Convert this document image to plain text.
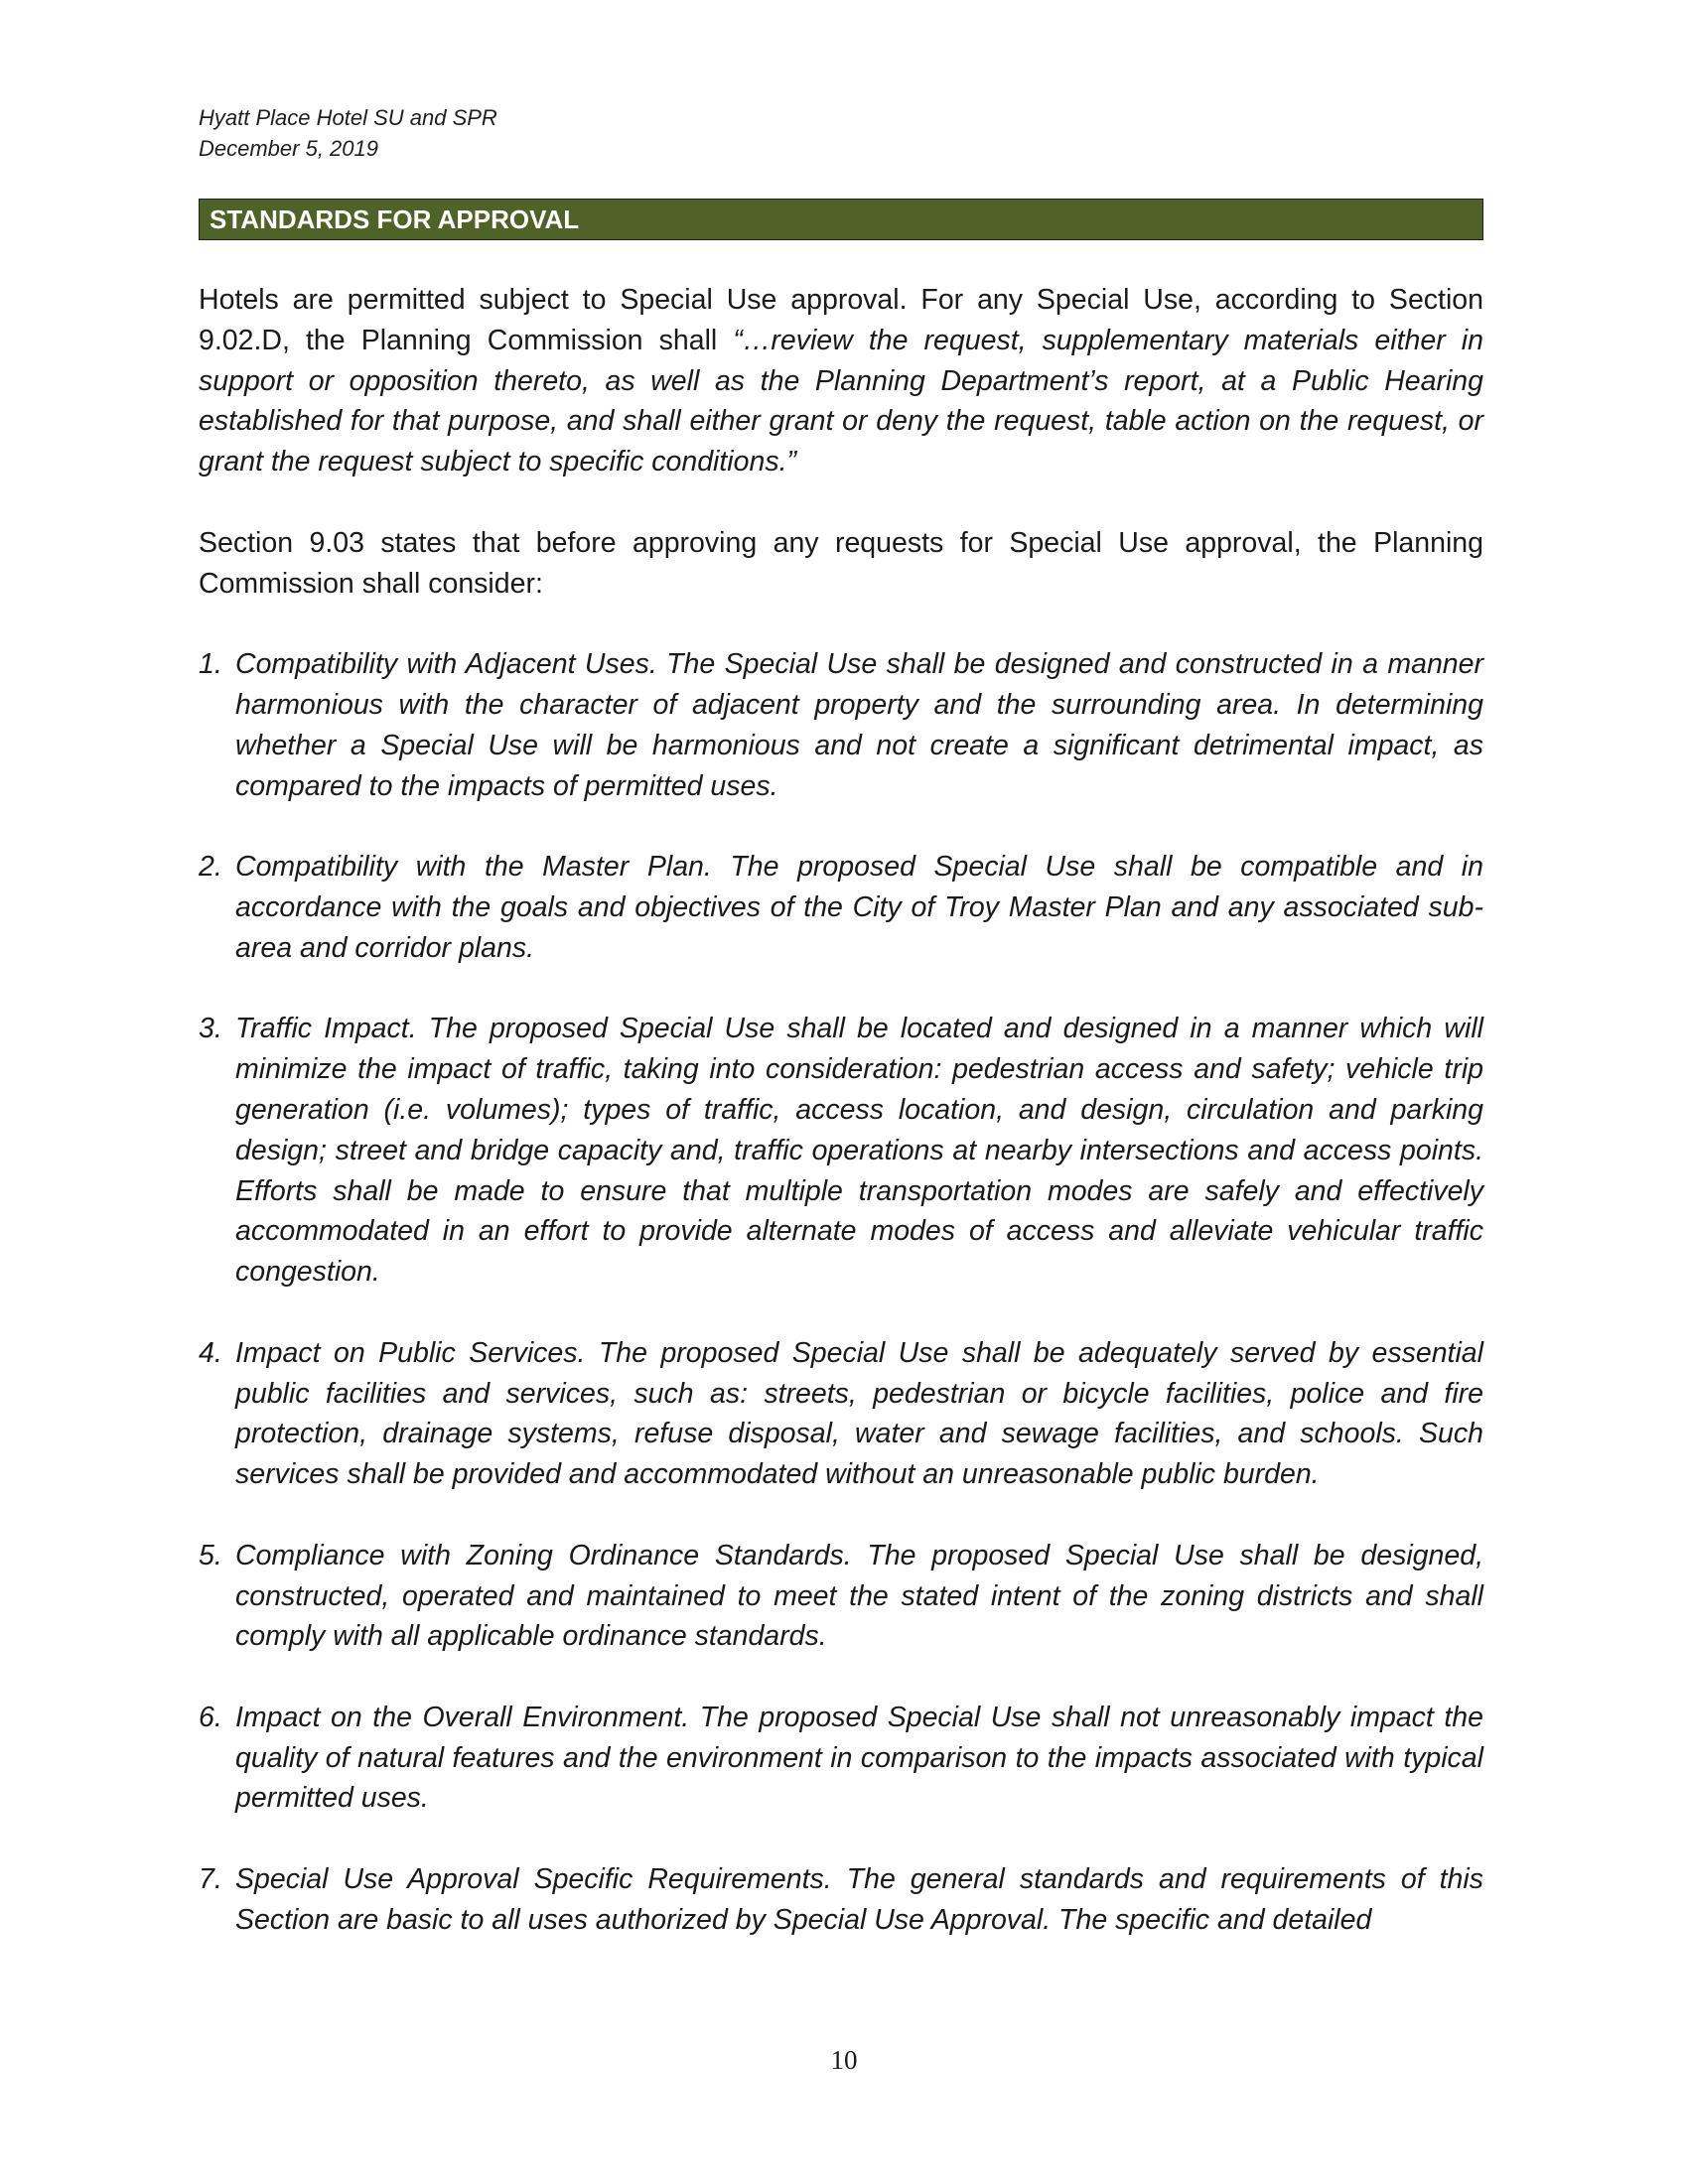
Hyatt Place Hotel SU and SPR
December 5, 2019
STANDARDS FOR APPROVAL

Hotels are permitted subject to Special Use approval. For any Special Use, according to Section 9.02.D, the Planning Commission shall “…review the request, supplementary materials either in support or opposition thereto, as well as the Planning Department’s report, at a Public Hearing established for that purpose, and shall either grant or deny the request, table action on the request, or grant the request subject to specific conditions.”

Section 9.03 states that before approving any requests for Special Use approval, the Planning Commission shall consider:

1. Compatibility with Adjacent Uses. The Special Use shall be designed and constructed in a manner harmonious with the character of adjacent property and the surrounding area. In determining whether a Special Use will be harmonious and not create a significant detrimental impact, as compared to the impacts of permitted uses.
2. Compatibility with the Master Plan. The proposed Special Use shall be compatible and in accordance with the goals and objectives of the City of Troy Master Plan and any associated sub-area and corridor plans.
3. Traffic Impact. The proposed Special Use shall be located and designed in a manner which will minimize the impact of traffic, taking into consideration: pedestrian access and safety; vehicle trip generation (i.e. volumes); types of traffic, access location, and design, circulation and parking design; street and bridge capacity and, traffic operations at nearby intersections and access points. Efforts shall be made to ensure that multiple transportation modes are safely and effectively accommodated in an effort to provide alternate modes of access and alleviate vehicular traffic congestion.
4. Impact on Public Services. The proposed Special Use shall be adequately served by essential public facilities and services, such as: streets, pedestrian or bicycle facilities, police and fire protection, drainage systems, refuse disposal, water and sewage facilities, and schools. Such services shall be provided and accommodated without an unreasonable public burden.
5. Compliance with Zoning Ordinance Standards. The proposed Special Use shall be designed, constructed, operated and maintained to meet the stated intent of the zoning districts and shall comply with all applicable ordinance standards.
6. Impact on the Overall Environment. The proposed Special Use shall not unreasonably impact the quality of natural features and the environment in comparison to the impacts associated with typical permitted uses.
7. Special Use Approval Specific Requirements. The general standards and requirements of this Section are basic to all uses authorized by Special Use Approval. The specific and detailed
10
